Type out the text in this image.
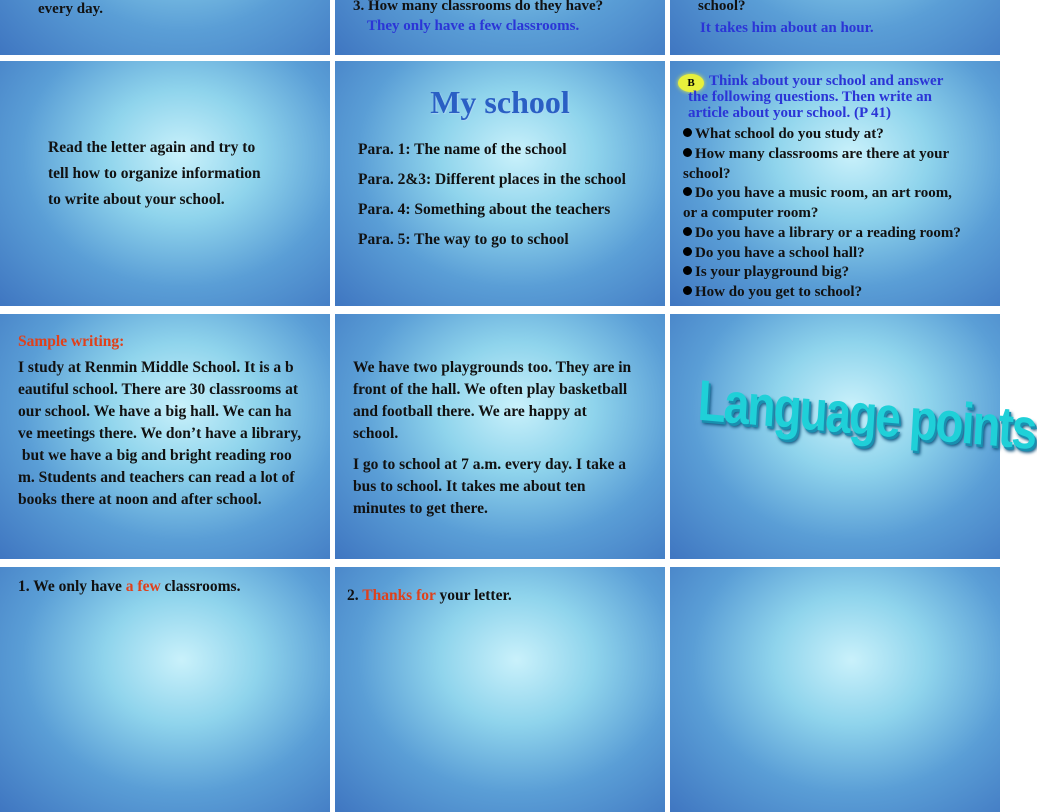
every day.	3. How many classrooms do they have?
They only have a few classrooms.
school?
It takes him about an hour.
Read the letter again and try to
tell how to organize information
to write about your school.
My school
Para. 1: The name of the school
Para. 2&3: Different places in the school
Para. 4: Something about the teachers
Para. 5: The way to go to school
B Think about your school and answer
the following questions. Then write an
article about your school. (P 41)
What school do you study at?
How many classrooms are there at your
school?
Do you have a music room, an art room,
or a computer room?
Do you have a library or a reading room?
Do you have a school hall?
Is your playground big?
How do you get to school?
Sample writing:
I study at Renmin Middle School. It is a b
eautiful school. There are 30 classrooms at
our school. We have a big hall. We can ha
ve meetings there. We don’t have a library,
but we have a big and bright reading roo
m. Students and teachers can read a lot of
books there at noon and after school.
We have two playgrounds too. They are in
front of the hall. We often play basketball
and football there. We are happy at
school.
I go to school at 7 a.m. every day. I take a
bus to school. It takes me about ten
minutes to get there.
Language points
1. We only have a few classrooms.
2. Thanks for your letter.
